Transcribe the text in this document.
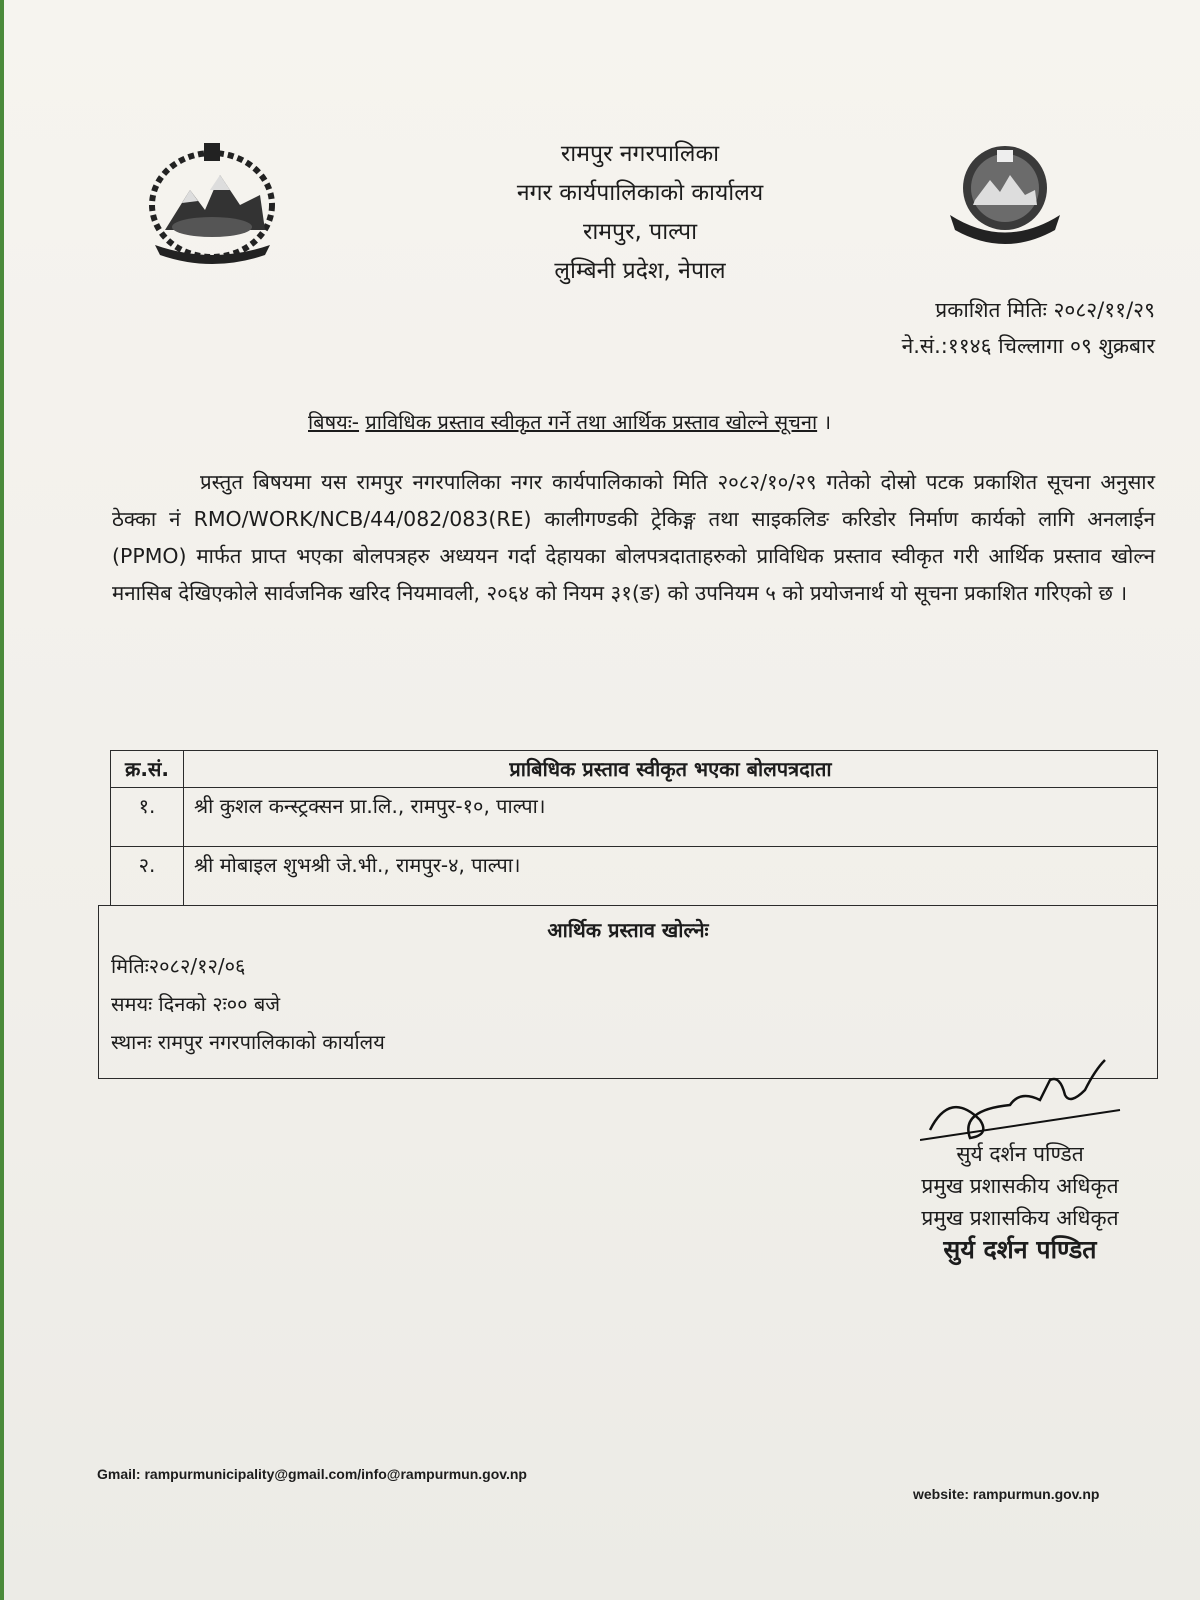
रामपुर नगरपालिका
नगर कार्यपालिकाको कार्यालय
रामपुर, पाल्पा
लुम्बिनी प्रदेश, नेपाल
प्रकाशित मितिः २०८२/११/२९
ने.सं.:११४६ चिल्लागा ०९ शुक्रबार
बिषयः- प्राविधिक प्रस्ताव स्वीकृत गर्ने तथा आर्थिक प्रस्ताव खोल्ने सूचना ।
प्रस्तुत बिषयमा यस रामपुर नगरपालिका नगर कार्यपालिकाको मिति २०८२/१०/२९ गतेको दोस्रो पटक प्रकाशित सूचना अनुसार ठेक्का नं RMO/WORK/NCB/44/082/083(RE) कालीगण्डकी ट्रेकिङ्ग तथा साइकलिङ करिडोर निर्माण कार्यको लागि अनलाईन (PPMO) मार्फत प्राप्त भएका बोलपत्रहरु अध्ययन गर्दा देहायका बोलपत्रदाताहरुको प्राविधिक प्रस्ताव स्वीकृत गरी आर्थिक प्रस्ताव खोल्न मनासिब देखिएकोले सार्वजनिक खरिद नियमावली, २०६४ को नियम ३१(ङ) को उपनियम ५ को प्रयोजनार्थ यो सूचना प्रकाशित गरिएको छ ।
क्र.सं.	प्राबिधिक प्रस्ताव स्वीकृत भएका बोलपत्रदाता
१.	श्री कुशल कन्स्ट्रक्सन प्रा.लि., रामपुर-१०, पाल्पा।
२.	श्री मोबाइल शुभश्री जे.भी., रामपुर-४, पाल्पा।
आर्थिक प्रस्ताव खोल्नेः
मितिः२०८२/१२/०६
समयः दिनको २ः०० बजे
स्थानः रामपुर नगरपालिकाको कार्यालय
सुर्य दर्शन पण्डित
प्रमुख प्रशासकीय अधिकृत
प्रमुख प्रशासकिय अधिकृत
सुर्य दर्शन पण्डित
Gmail: rampurmunicipality@gmail.com/info@rampurmun.gov.np
website: rampurmun.gov.np
